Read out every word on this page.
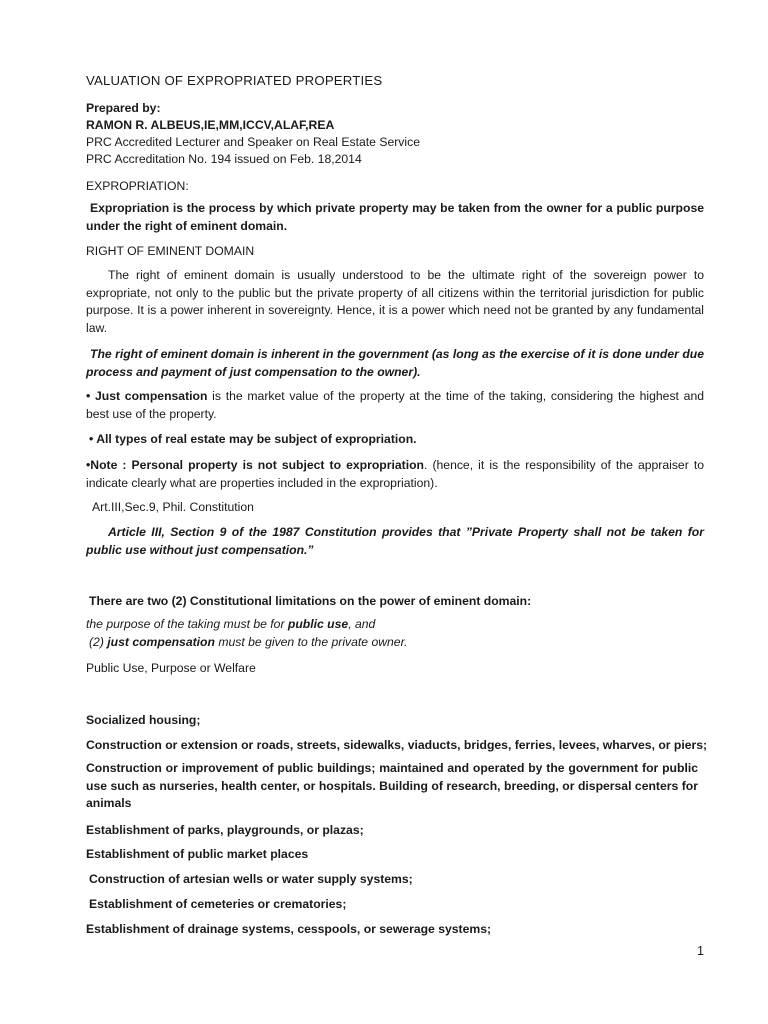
VALUATION OF EXPROPRIATED PROPERTIES
Prepared by:
RAMON R. ALBEUS,IE,MM,ICCV,ALAF,REA
PRC Accredited Lecturer and Speaker on Real Estate Service
PRC Accreditation No. 194 issued on Feb. 18,2014
EXPROPRIATION:
Expropriation is the process by which private property may be taken from the owner for a public purpose under the right of eminent domain.
RIGHT OF EMINENT DOMAIN
The right of eminent domain is usually understood to be the ultimate right of the sovereign power to expropriate, not only to the public but the private property of all citizens within the territorial jurisdiction for public purpose. It is a power inherent in sovereignty. Hence, it is a power which need not be granted by any fundamental law.
The right of eminent domain is inherent in the government (as long as the exercise of it is done under due process and payment of just compensation to the owner).
• Just compensation is the market value of the property at the time of the taking, considering the highest and best use of the property.
• All types of real estate may be subject of expropriation.
•Note : Personal property is not subject to expropriation. (hence, it is the responsibility of the appraiser to indicate clearly what are properties included in the expropriation).
Art.III,Sec.9, Phil. Constitution
Article III, Section 9 of the 1987 Constitution provides that ”Private Property shall not be taken for public use without just compensation.”
There are two (2) Constitutional limitations on the power of eminent domain:
the purpose of the taking must be for public use, and
(2) just compensation must be given to the private owner.
Public Use, Purpose or Welfare
Socialized housing;
Construction or extension or roads, streets, sidewalks, viaducts, bridges, ferries, levees, wharves, or piers;
Construction or improvement of public buildings; maintained and operated by the government for public use such as nurseries, health center, or hospitals. Building of research, breeding, or dispersal centers for animals
Establishment of parks, playgrounds, or plazas;
Establishment of public market places
Construction of artesian wells or water supply systems;
Establishment of cemeteries or crematories;
Establishment of drainage systems, cesspools, or sewerage systems;
1
